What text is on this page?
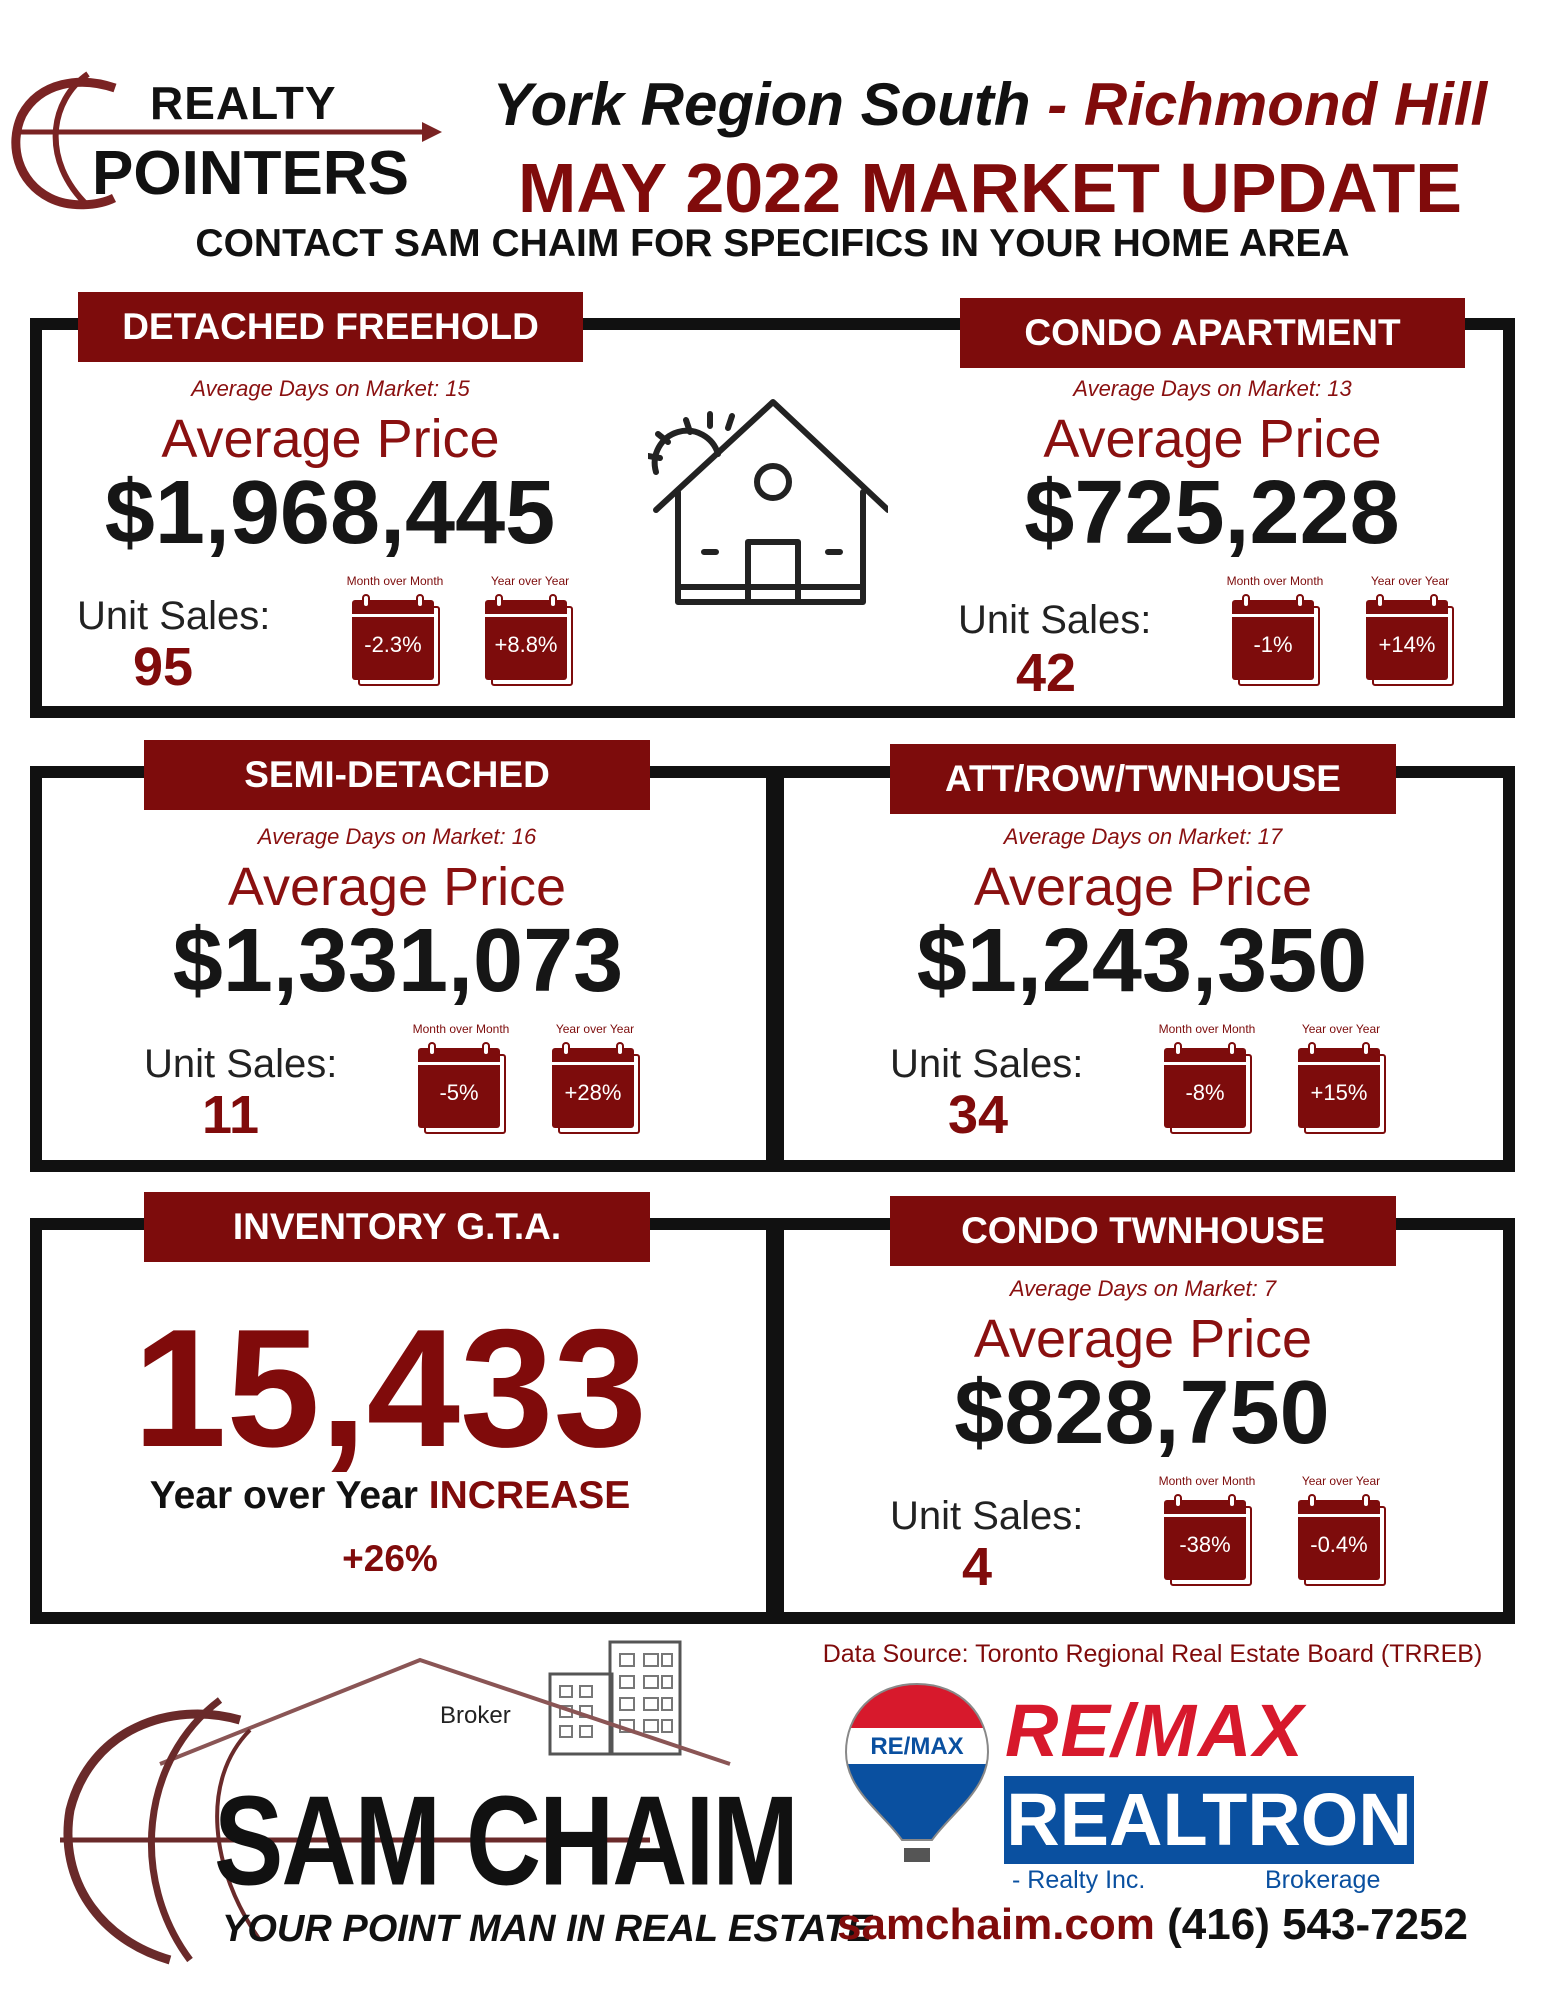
REALTY
POINTERS
York Region South - Richmond Hill
MAY 2022 MARKET UPDATE
CONTACT SAM CHAIM FOR SPECIFICS IN YOUR HOME AREA
DETACHED FREEHOLD
Average Days on Market: 15
Average Price
$1,968,445
Unit Sales:
95
Month over Month	Year over Year
-2.3%	+8.8%
CONDO APARTMENT
Average Days on Market: 13
Average Price
$725,228
Unit Sales:
42
Month over Month	Year over Year
-1%	+14%
SEMI-DETACHED
Average Days on Market: 16
Average Price
$1,331,073
Unit Sales:
11
Month over Month	Year over Year
-5%	+28%
ATT/ROW/TWNHOUSE
Average Days on Market: 17
Average Price
$1,243,350
Unit Sales:
34
Month over Month	Year over Year
-8%	+15%
INVENTORY G.T.A.
15,433
Year over Year INCREASE
+26%
CONDO TWNHOUSE
Average Days on Market: 7
Average Price
$828,750
Unit Sales:
4
Month over Month	Year over Year
-38%	-0.4%
Broker
SAM CHAIM
YOUR POINT MAN IN REAL ESTATE
Data Source: Toronto Regional Real Estate Board (TRREB)
RE/MAX RE/MAX
REALTRON
- Realty Inc.	Brokerage
samchaim.com (416) 543-7252
